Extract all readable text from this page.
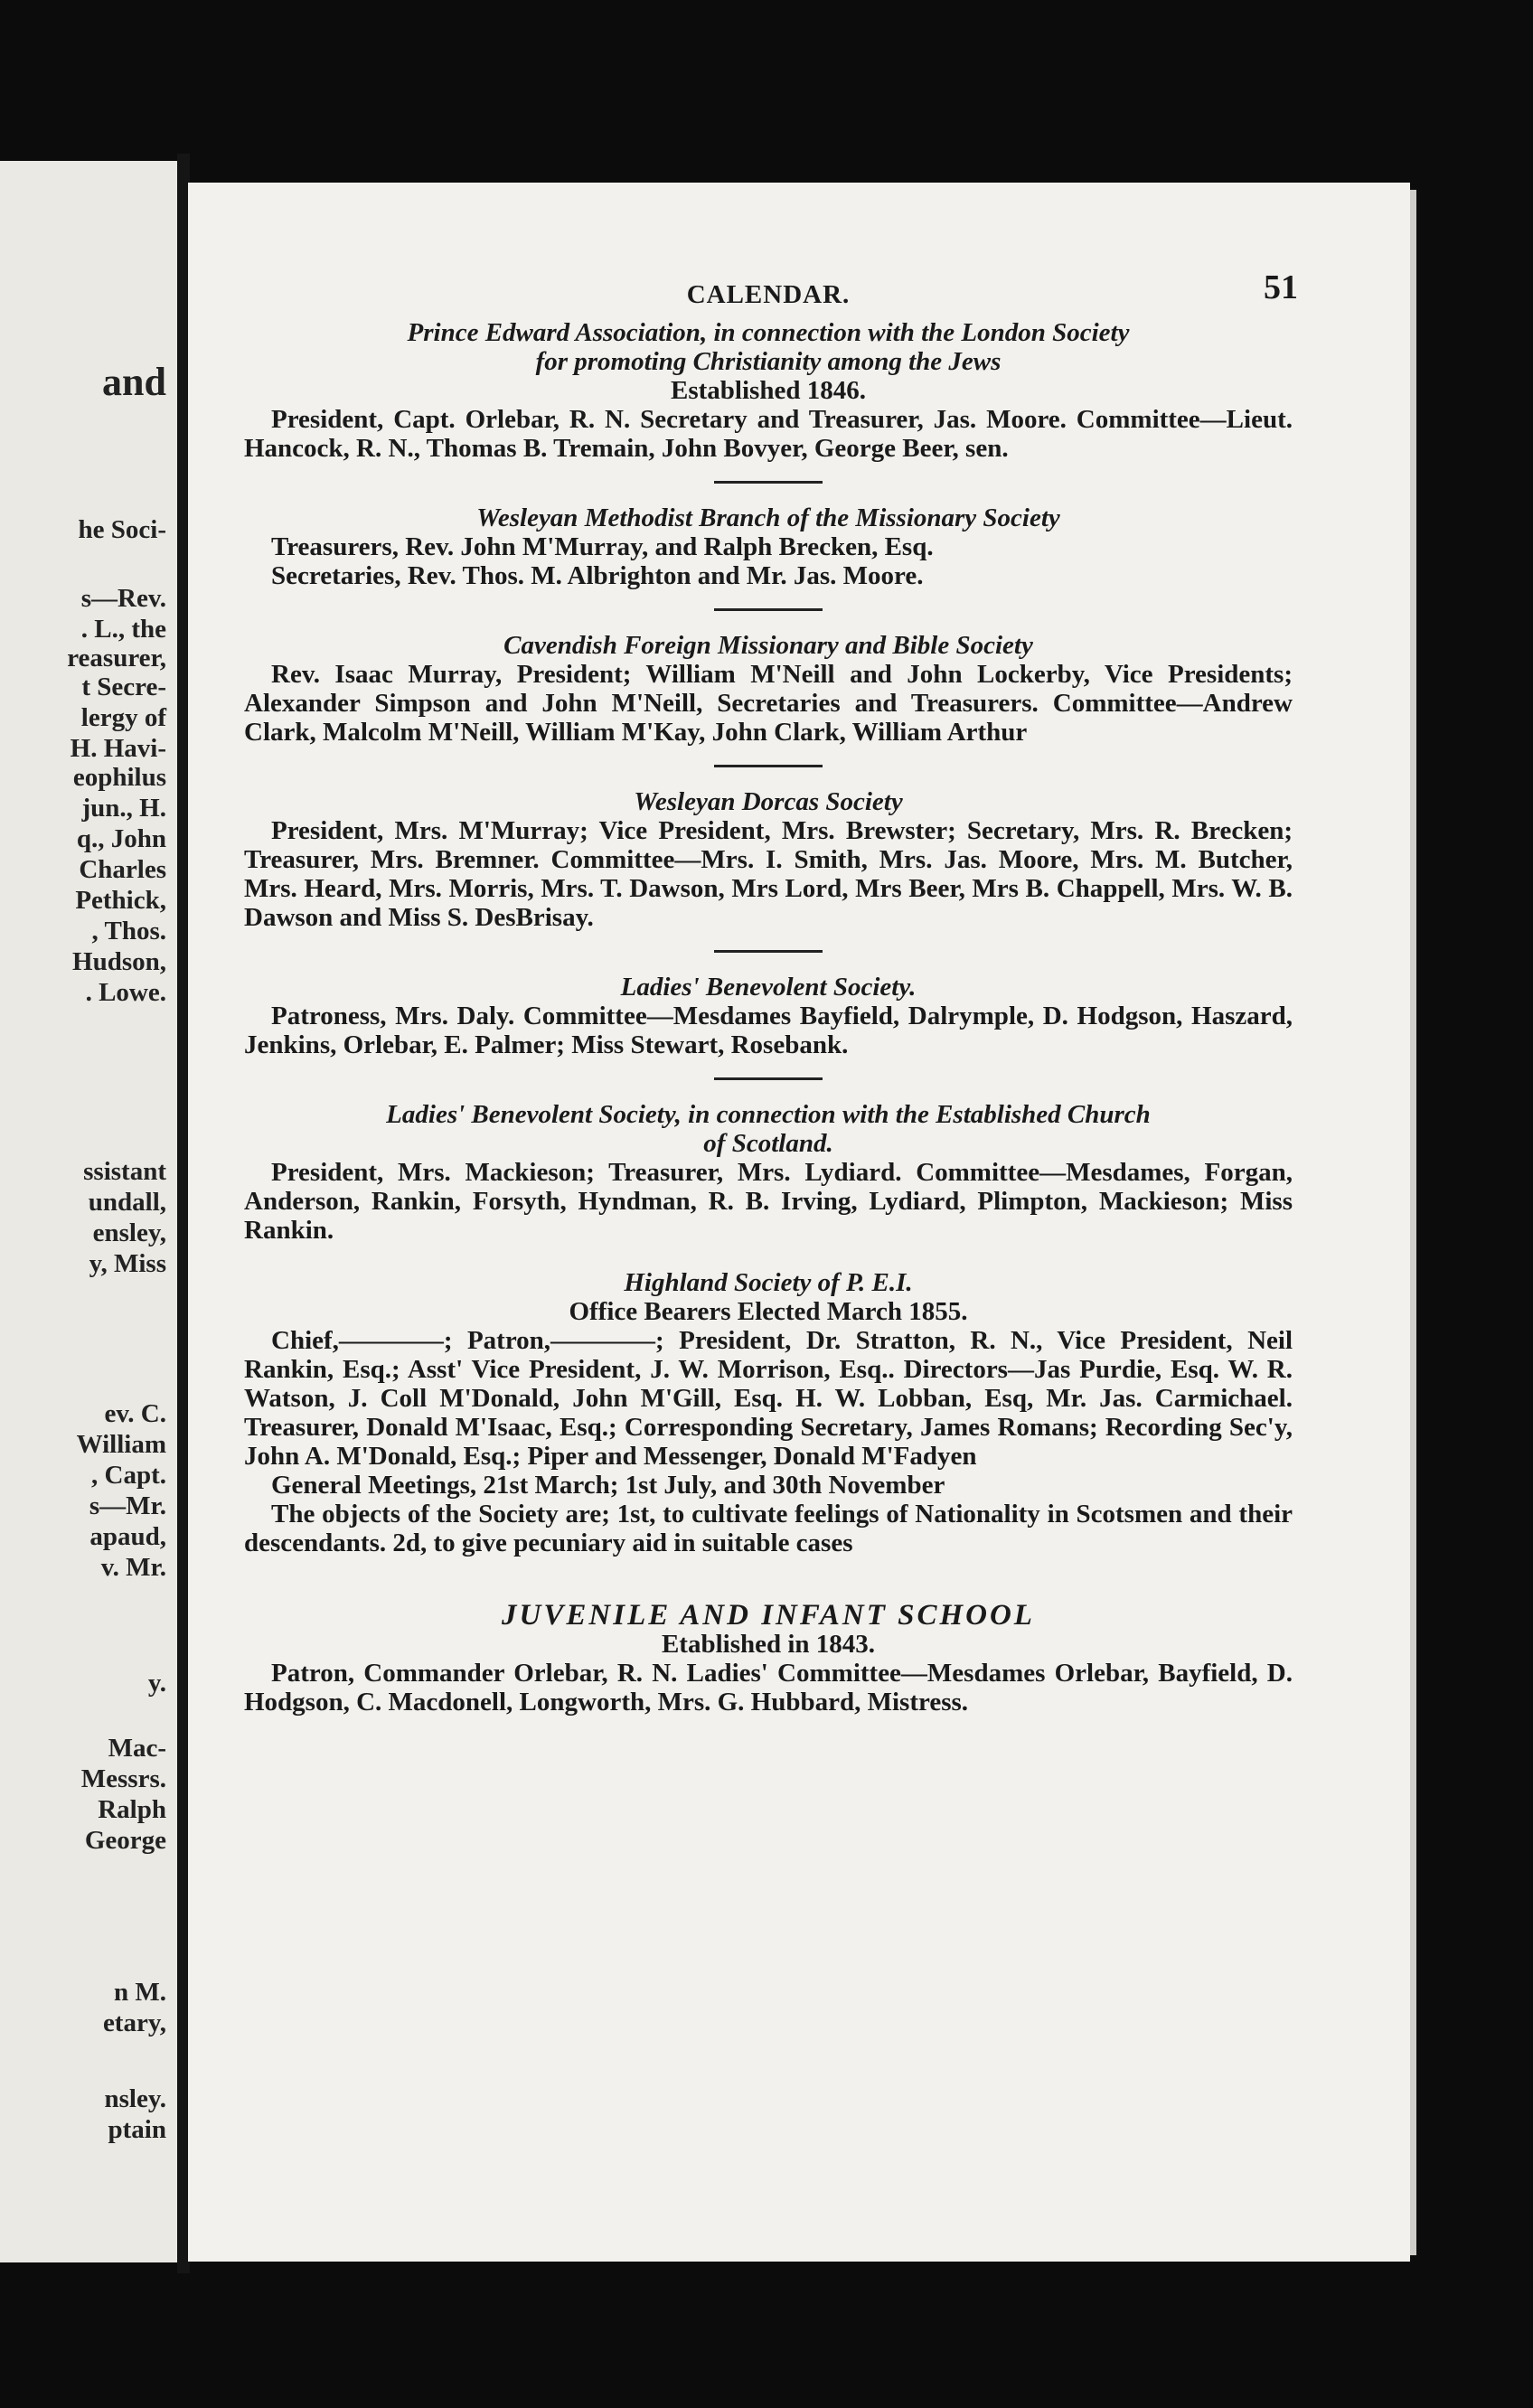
and

he Soci-

s—Rev.

. L., the

reasurer,

t Secre-

lergy of

H. Havi-

eophilus

jun., H.

q., John

Charles

Pethick,

, Thos.

Hudson,

. Lowe.

ssistant

undall,

ensley,

y, Miss

ev. C.

William

, Capt.

s—Mr.

apaud,

v. Mr.

y.

Mac-

Messrs.

Ralph

George

n M.

etary,

nsley.

ptain

CALENDAR.	51

Prince Edward Association, in connection with the London Society

for promoting Christianity among the Jews

Established 1846.

President, Capt. Orlebar, R. N. Secretary and Treasurer, Jas. Moore. Committee—Lieut. Hancock, R. N., Thomas B. Tremain, John Bovyer, George Beer, sen.

Wesleyan Methodist Branch of the Missionary Society

Treasurers, Rev. John M'Murray, and Ralph Brecken, Esq.

Secretaries, Rev. Thos. M. Albrighton and Mr. Jas. Moore.

Cavendish Foreign Missionary and Bible Society

Rev. Isaac Murray, President; William M'Neill and John Lockerby, Vice Presidents; Alexander Simpson and John M'Neill, Secretaries and Treasurers. Committee—Andrew Clark, Malcolm M'Neill, William M'Kay, John Clark, William Arthur

Wesleyan Dorcas Society

President, Mrs. M'Murray; Vice President, Mrs. Brewster; Secretary, Mrs. R. Brecken; Treasurer, Mrs. Bremner. Committee—Mrs. I. Smith, Mrs. Jas. Moore, Mrs. M. Butcher, Mrs. Heard, Mrs. Morris, Mrs. T. Dawson, Mrs Lord, Mrs Beer, Mrs B. Chappell, Mrs. W. B. Dawson and Miss S. DesBrisay.

Ladies' Benevolent Society.

Patroness, Mrs. Daly. Committee—Mesdames Bayfield, Dalrymple, D. Hodgson, Haszard, Jenkins, Orlebar, E. Palmer; Miss Stewart, Rosebank.

Ladies' Benevolent Society, in connection with the Established Church

of Scotland.

President, Mrs. Mackieson; Treasurer, Mrs. Lydiard. Committee—Mesdames, Forgan, Anderson, Rankin, Forsyth, Hyndman, R. B. Irving, Lydiard, Plimpton, Mackieson; Miss Rankin.

Highland Society of P. E.I.

Office Bearers Elected March 1855.

Chief,————; Patron,————; President, Dr. Stratton, R. N., Vice President, Neil Rankin, Esq.; Asst' Vice President, J. W. Morrison, Esq.. Directors—Jas Purdie, Esq. W. R. Watson, J. Coll M'Donald, John M'Gill, Esq. H. W. Lobban, Esq, Mr. Jas. Carmichael. Treasurer, Donald M'Isaac, Esq.; Corresponding Secretary, James Romans; Recording Sec'y, John A. M'Donald, Esq.; Piper and Messenger, Donald M'Fadyen

General Meetings, 21st March; 1st July, and 30th November

The objects of the Society are; 1st, to cultivate feelings of Nationality in Scotsmen and their descendants. 2d, to give pecuniary aid in suitable cases

JUVENILE AND INFANT SCHOOL

Etablished in 1843.

Patron, Commander Orlebar, R. N. Ladies' Committee—Mesdames Orlebar, Bayfield, D. Hodgson, C. Macdonell, Longworth, Mrs. G. Hubbard, Mistress.
